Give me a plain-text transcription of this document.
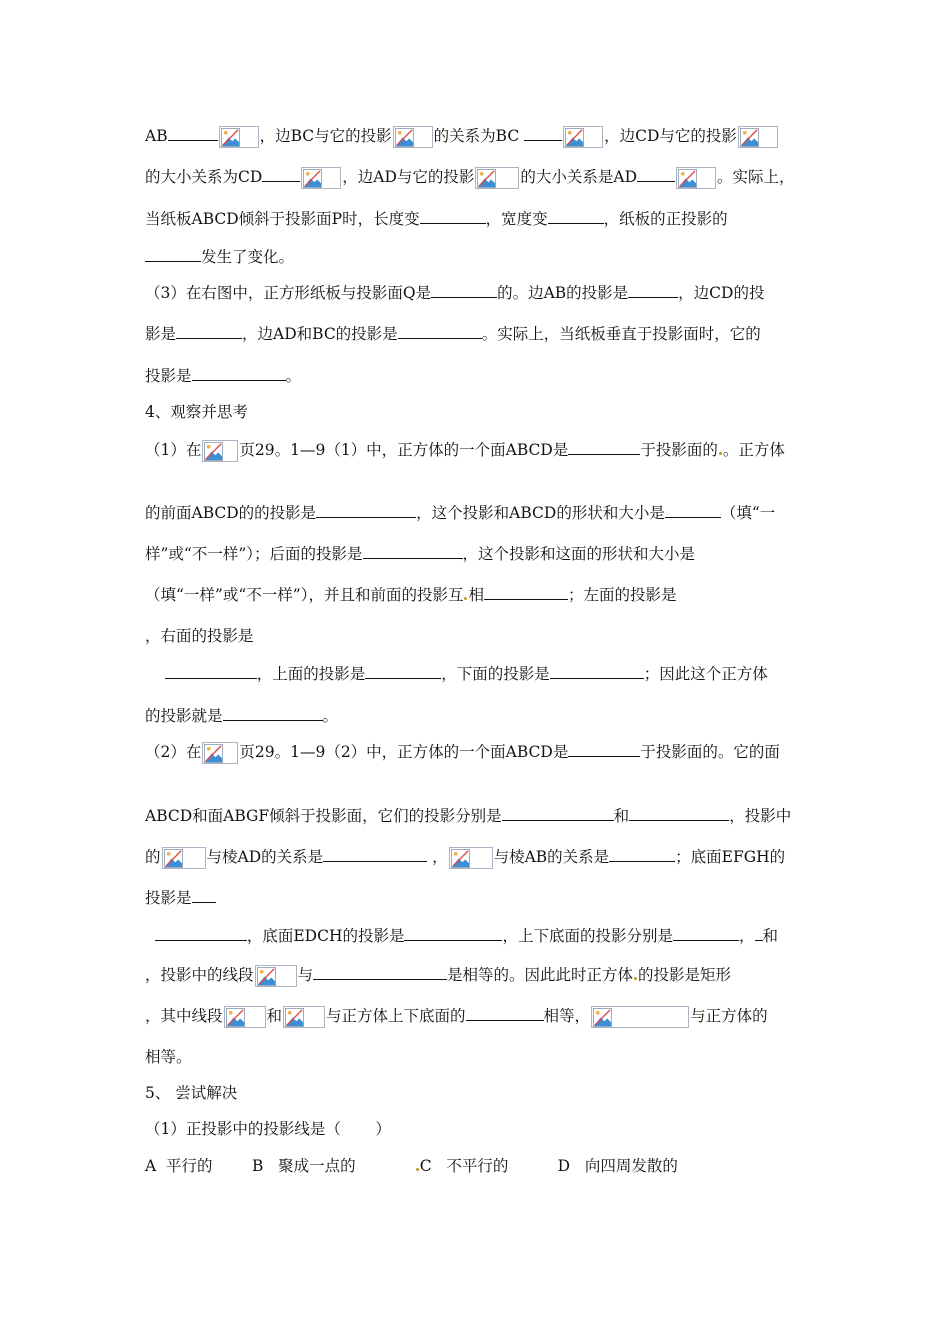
AB	，边BC与它的投影	的关系为BC	，边CD与它的投影
的大小关系为CD	，边AD与它的投影	的大小关系是AD	。实际上，
当纸板ABCD倾斜于投影面P时，长度变	，宽度变	，纸板的正投影的
发生了变化。
（3）在右图中，正方形纸板与投影面Q是	的。边AB的投影是	，边CD的投
影是	，边AD和BC的投影是	。实际上，当纸板垂直于投影面时，它的
投影是	。
4、观察并思考
（1）在 页29。1—9（1）中，正方体的一个面ABCD是	于投影面的 。正方体
的前面ABCD的的投影是	，这个投影和ABCD的形状和大小是	（填“一
样”或“不一样”）；后面的投影是	，这个投影和这面的形状和大小是
（填“一样”或“不一样”），并且和前面的投影互 相	；左面的投影是
，右面的投影是
，上面的投影是	，下面的投影是	；因此这个正方体
的投影就是	。
（2）在 页29。1—9（2）中，正方体的一个面ABCD是	于投影面的。它的面
ABCD和面ABGF倾斜于投影面，它们的投影分别是	和	，投影中
的	与棱AD的关系是	，	与棱AB的关系是	；底面EFGH的
投影是
，底面EDCH的投影是	，上下底面的投影分别是	， 和
，投影中的线段	与	是相等的。因此此时正方体 的投影是矩形
，其中线段	和	与正方体上下底面的	相等，	与正方体的
相等。
5、 尝试解决
（1）正投影中的投影线是（       ）
A  平行的        B   聚成一点的            C   不平行的          D   向四周发散的
